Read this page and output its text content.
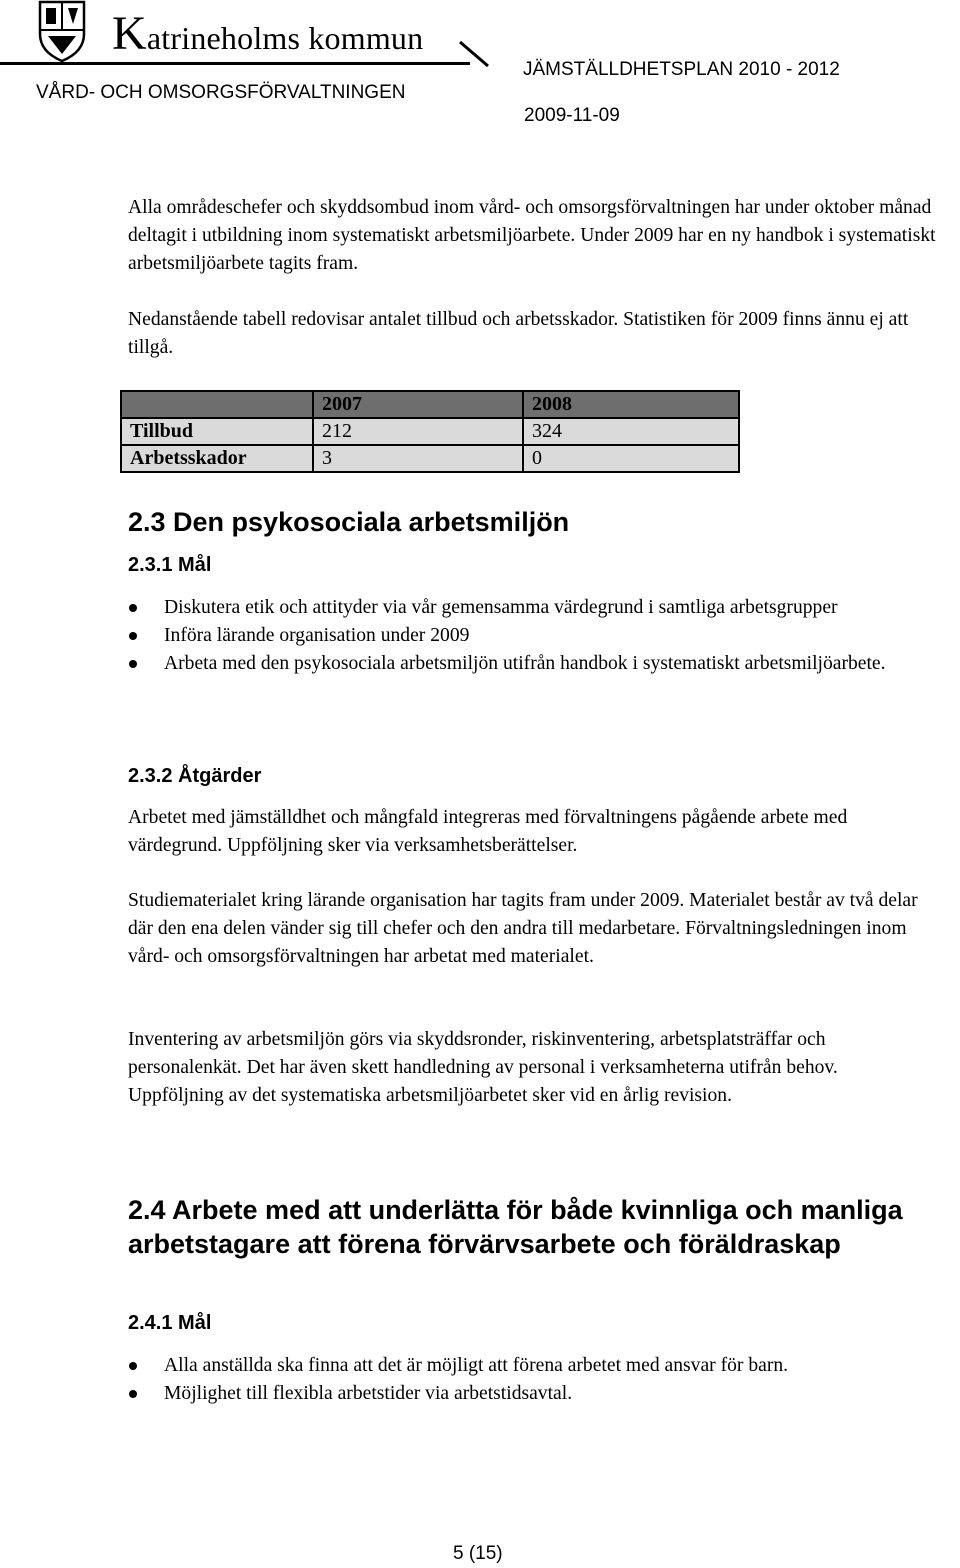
Katrineholms kommun
VÅRD- OCH OMSORGSFÖRVALTNINGEN
JÄMSTÄLLDHETSPLAN 2010 - 2012
2009-11-09

Alla områdeschefer och skyddsombud inom vård- och omsorgsförvaltningen har under oktober månad deltagit i utbildning inom systematiskt arbetsmiljöarbete. Under 2009 har en ny handbok i systematiskt arbetsmiljöarbete tagits fram.

Nedanstående tabell redovisar antalet tillbud och arbetsskador. Statistiken för 2009 finns ännu ej att tillgå.

	2007	2008
Tillbud	212	324
Arbetsskador	3	0
2.3 Den psykosociala arbetsmiljön
2.3.1 Mål
Diskutera etik och attityder via vår gemensamma värdegrund i samtliga arbetsgrupper
Införa lärande organisation under 2009
Arbeta med den psykosociala arbetsmiljön utifrån handbok i systematiskt arbetsmiljöarbete.
2.3.2 Åtgärder

Arbetet med jämställdhet och mångfald integreras med förvaltningens pågående arbete med värdegrund. Uppföljning sker via verksamhetsberättelser.

Studiematerialet kring lärande organisation har tagits fram under 2009. Materialet består av två delar där den ena delen vänder sig till chefer och den andra till medarbetare. Förvaltningsledningen inom vård- och omsorgsförvaltningen har arbetat med materialet.

Inventering av arbetsmiljön görs via skyddsronder, riskinventering, arbetsplatsträffar och personalenkät. Det har även skett handledning av personal i verksamheterna utifrån behov. Uppföljning av det systematiska arbetsmiljöarbetet sker vid en årlig revision.

2.4 Arbete med att underlätta för både kvinnliga och manliga arbetstagare att förena förvärvsarbete och föräldraskap
2.4.1 Mål
Alla anställda ska finna att det är möjligt att förena arbetet med ansvar för barn.
Möjlighet till flexibla arbetstider via arbetstidsavtal.
5 (15)
